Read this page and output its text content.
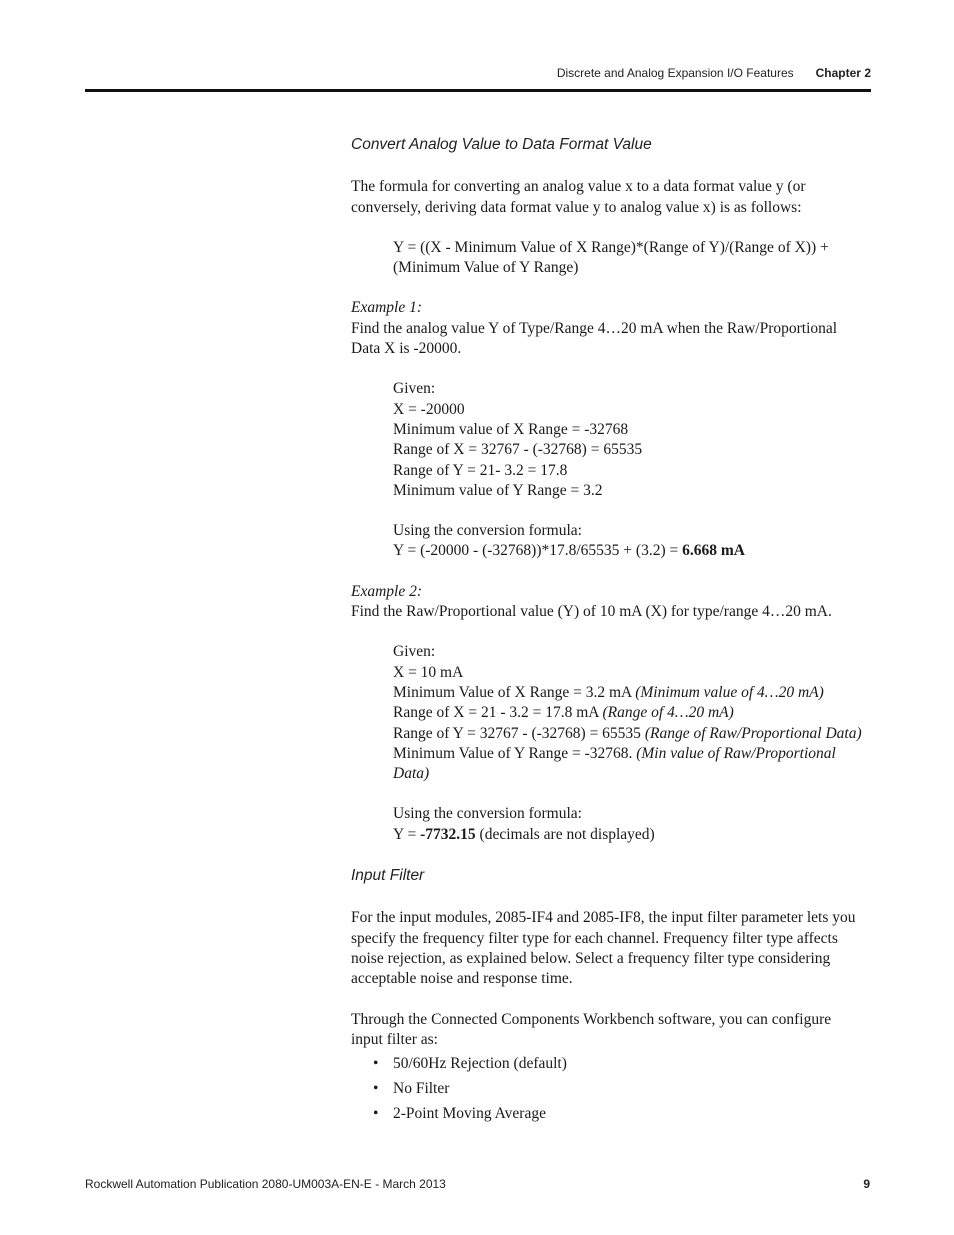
Discrete and Analog Expansion I/O Features Chapter 2

Convert Analog Value to Data Format Value

The formula for converting an analog value x to a data format value y (or conversely, deriving data format value y to analog value x) is as follows:

Y = ((X - Minimum Value of X Range)*(Range of Y)/(Range of X)) + (Minimum Value of Y Range)

Example 1:

Find the analog value Y of Type/Range 4…20 mA when the Raw/Proportional Data X is -20000.

Given:

X = -20000

Minimum value of X Range = -32768

Range of X = 32767 - (-32768) = 65535

Range of Y = 21- 3.2 = 17.8

Minimum value of Y Range = 3.2

Using the conversion formula:

Y = (-20000 - (-32768))*17.8/65535 + (3.2) = 6.668 mA

Example 2:

Find the Raw/Proportional value (Y) of 10 mA (X) for type/range 4…20 mA.

Given:

X = 10 mA

Minimum Value of X Range = 3.2 mA (Minimum value of 4…20 mA)

Range of X = 21 - 3.2 = 17.8 mA (Range of 4…20 mA)

Range of Y = 32767 - (-32768) = 65535 (Range of Raw/Proportional Data)

Minimum Value of Y Range = -32768. (Min value of Raw/Proportional Data)

Using the conversion formula:

Y = -7732.15 (decimals are not displayed)

Input Filter

For the input modules, 2085-IF4 and 2085-IF8, the input filter parameter lets you specify the frequency filter type for each channel. Frequency filter type affects noise rejection, as explained below. Select a frequency filter type considering acceptable noise and response time.

Through the Connected Components Workbench software, you can configure input filter as:

• 50/60Hz Rejection (default)
• No Filter
• 2-Point Moving Average
Rockwell Automation Publication 2080-UM003A-EN-E - March 2013	9
